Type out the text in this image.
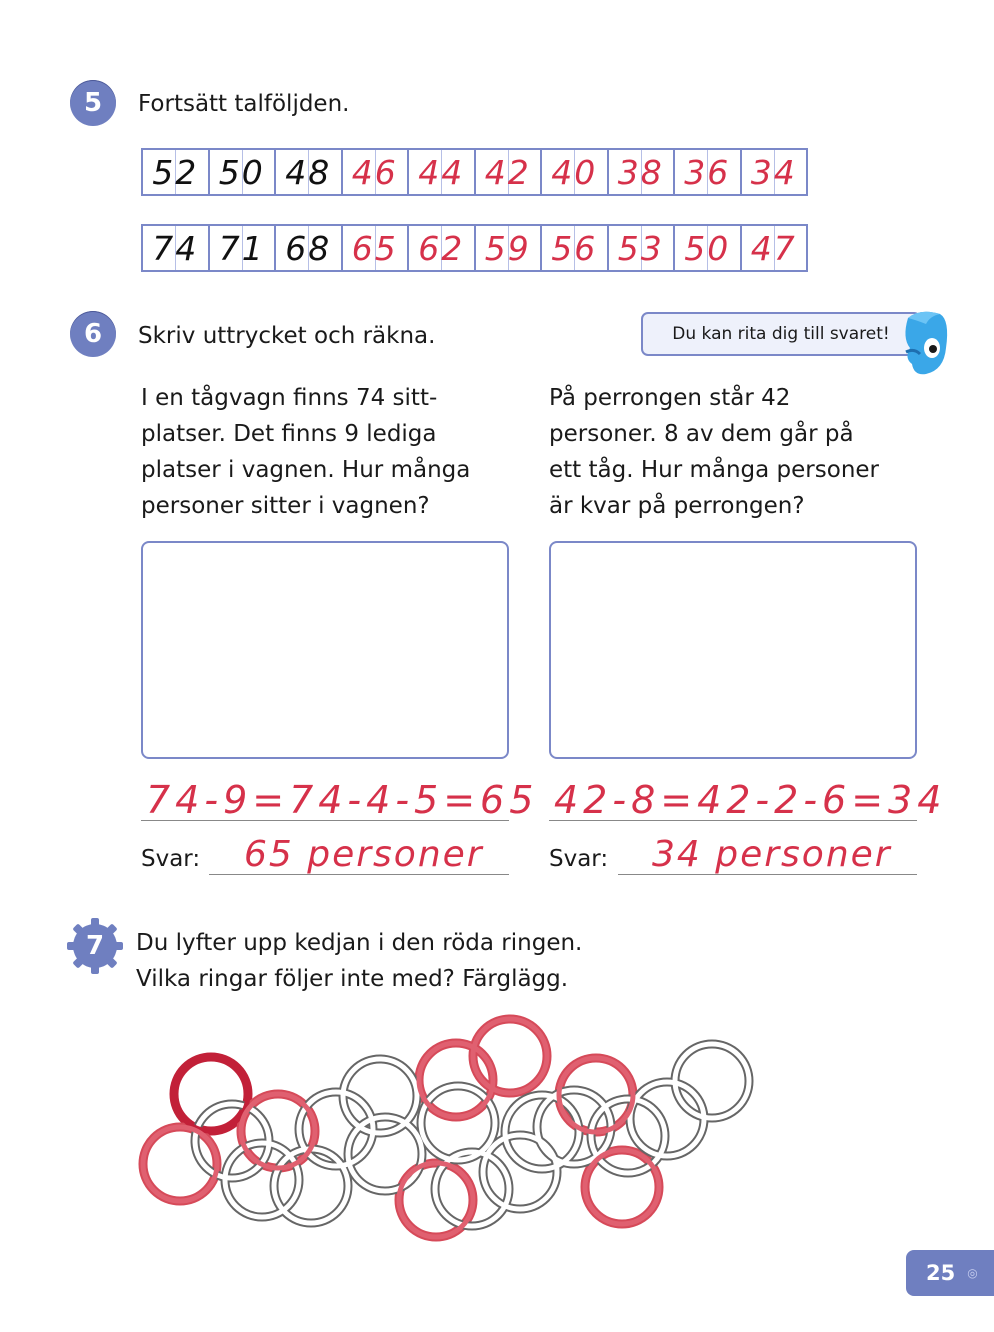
5 Fortsätt talföljden.
52 50 48 46 44 42 40 38 36 34
74 71 68 65 62 59 56 53 50 47
6 Skriv uttrycket och räkna.	Du kan rita dig till svaret!
I en tågvagn finns 74 sitt-
platser. Det finns 9 lediga
platser i vagnen. Hur många
personer sitter i vagnen?
På perrongen står 42
personer. 8 av dem går på
ett tåg. Hur många personer
är kvar på perrongen?
74-9=74-4-5=65 42-8=42-2-6=34
Svar: 65 personer	Svar: 34 personer
7 Du lyfter upp kedjan i den röda ringen.
Vilka ringar följer inte med? Färglägg.
25 ◎
